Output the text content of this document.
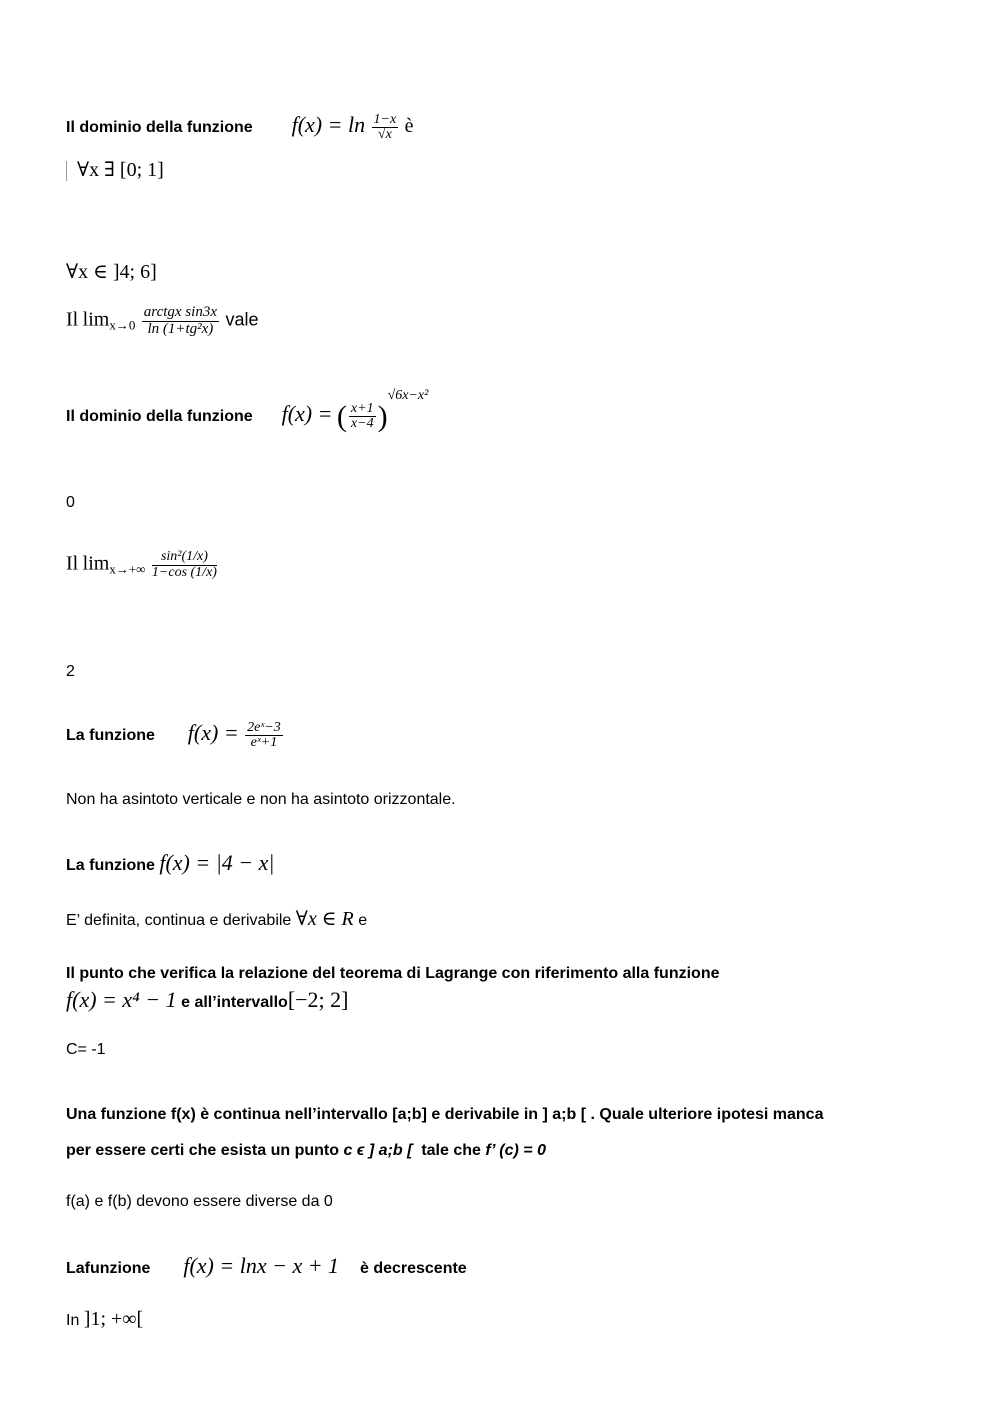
Il dominio della funzione $f(x) = \ln \frac{1-x}{√x}$ è
∀x ∃ [0; 1]
∀x ∈ ]4; 6]
Il $\lim_{x\to 0} \frac{\text{arctgx sin3x}}{\text{ln (1+tg²x)}}$ vale
Il dominio della funzione f(x) = ( $\frac{x+1}{x-4} )^{√6x-x^2}$
0
Il $\lim_{x\to+\infty} \frac{\text{sin²(1/x)}}{1-\cos (1/x)}$
2
La funzione $f(x) = \frac{\text{2eˣ−3}}{\text{eˣ+1}}$
Non ha asintoto verticale e non ha asintoto orizzontale.
La funzione f(x) = |4 − x|
E’ definita, continua e derivabile ∀x ∈ R e
Il punto che verifica la relazione del teorema di Lagrange con riferimento alla funzione
f(x) = x⁴ − 1 e all’intervallo[−2; 2]
C= -1
Una funzione f(x) è continua nell’intervallo [a;b] e derivabile in ] a;b [ . Quale ulteriore ipotesi manca
per essere certi che esista un punto c ϵ ] a;b [  tale che f’ (c) = 0
f(a) e f(b) devono essere diverse da 0
Lafunzione f(x) = lnx − x + 1 è decrescente
In ]1; +∞[
